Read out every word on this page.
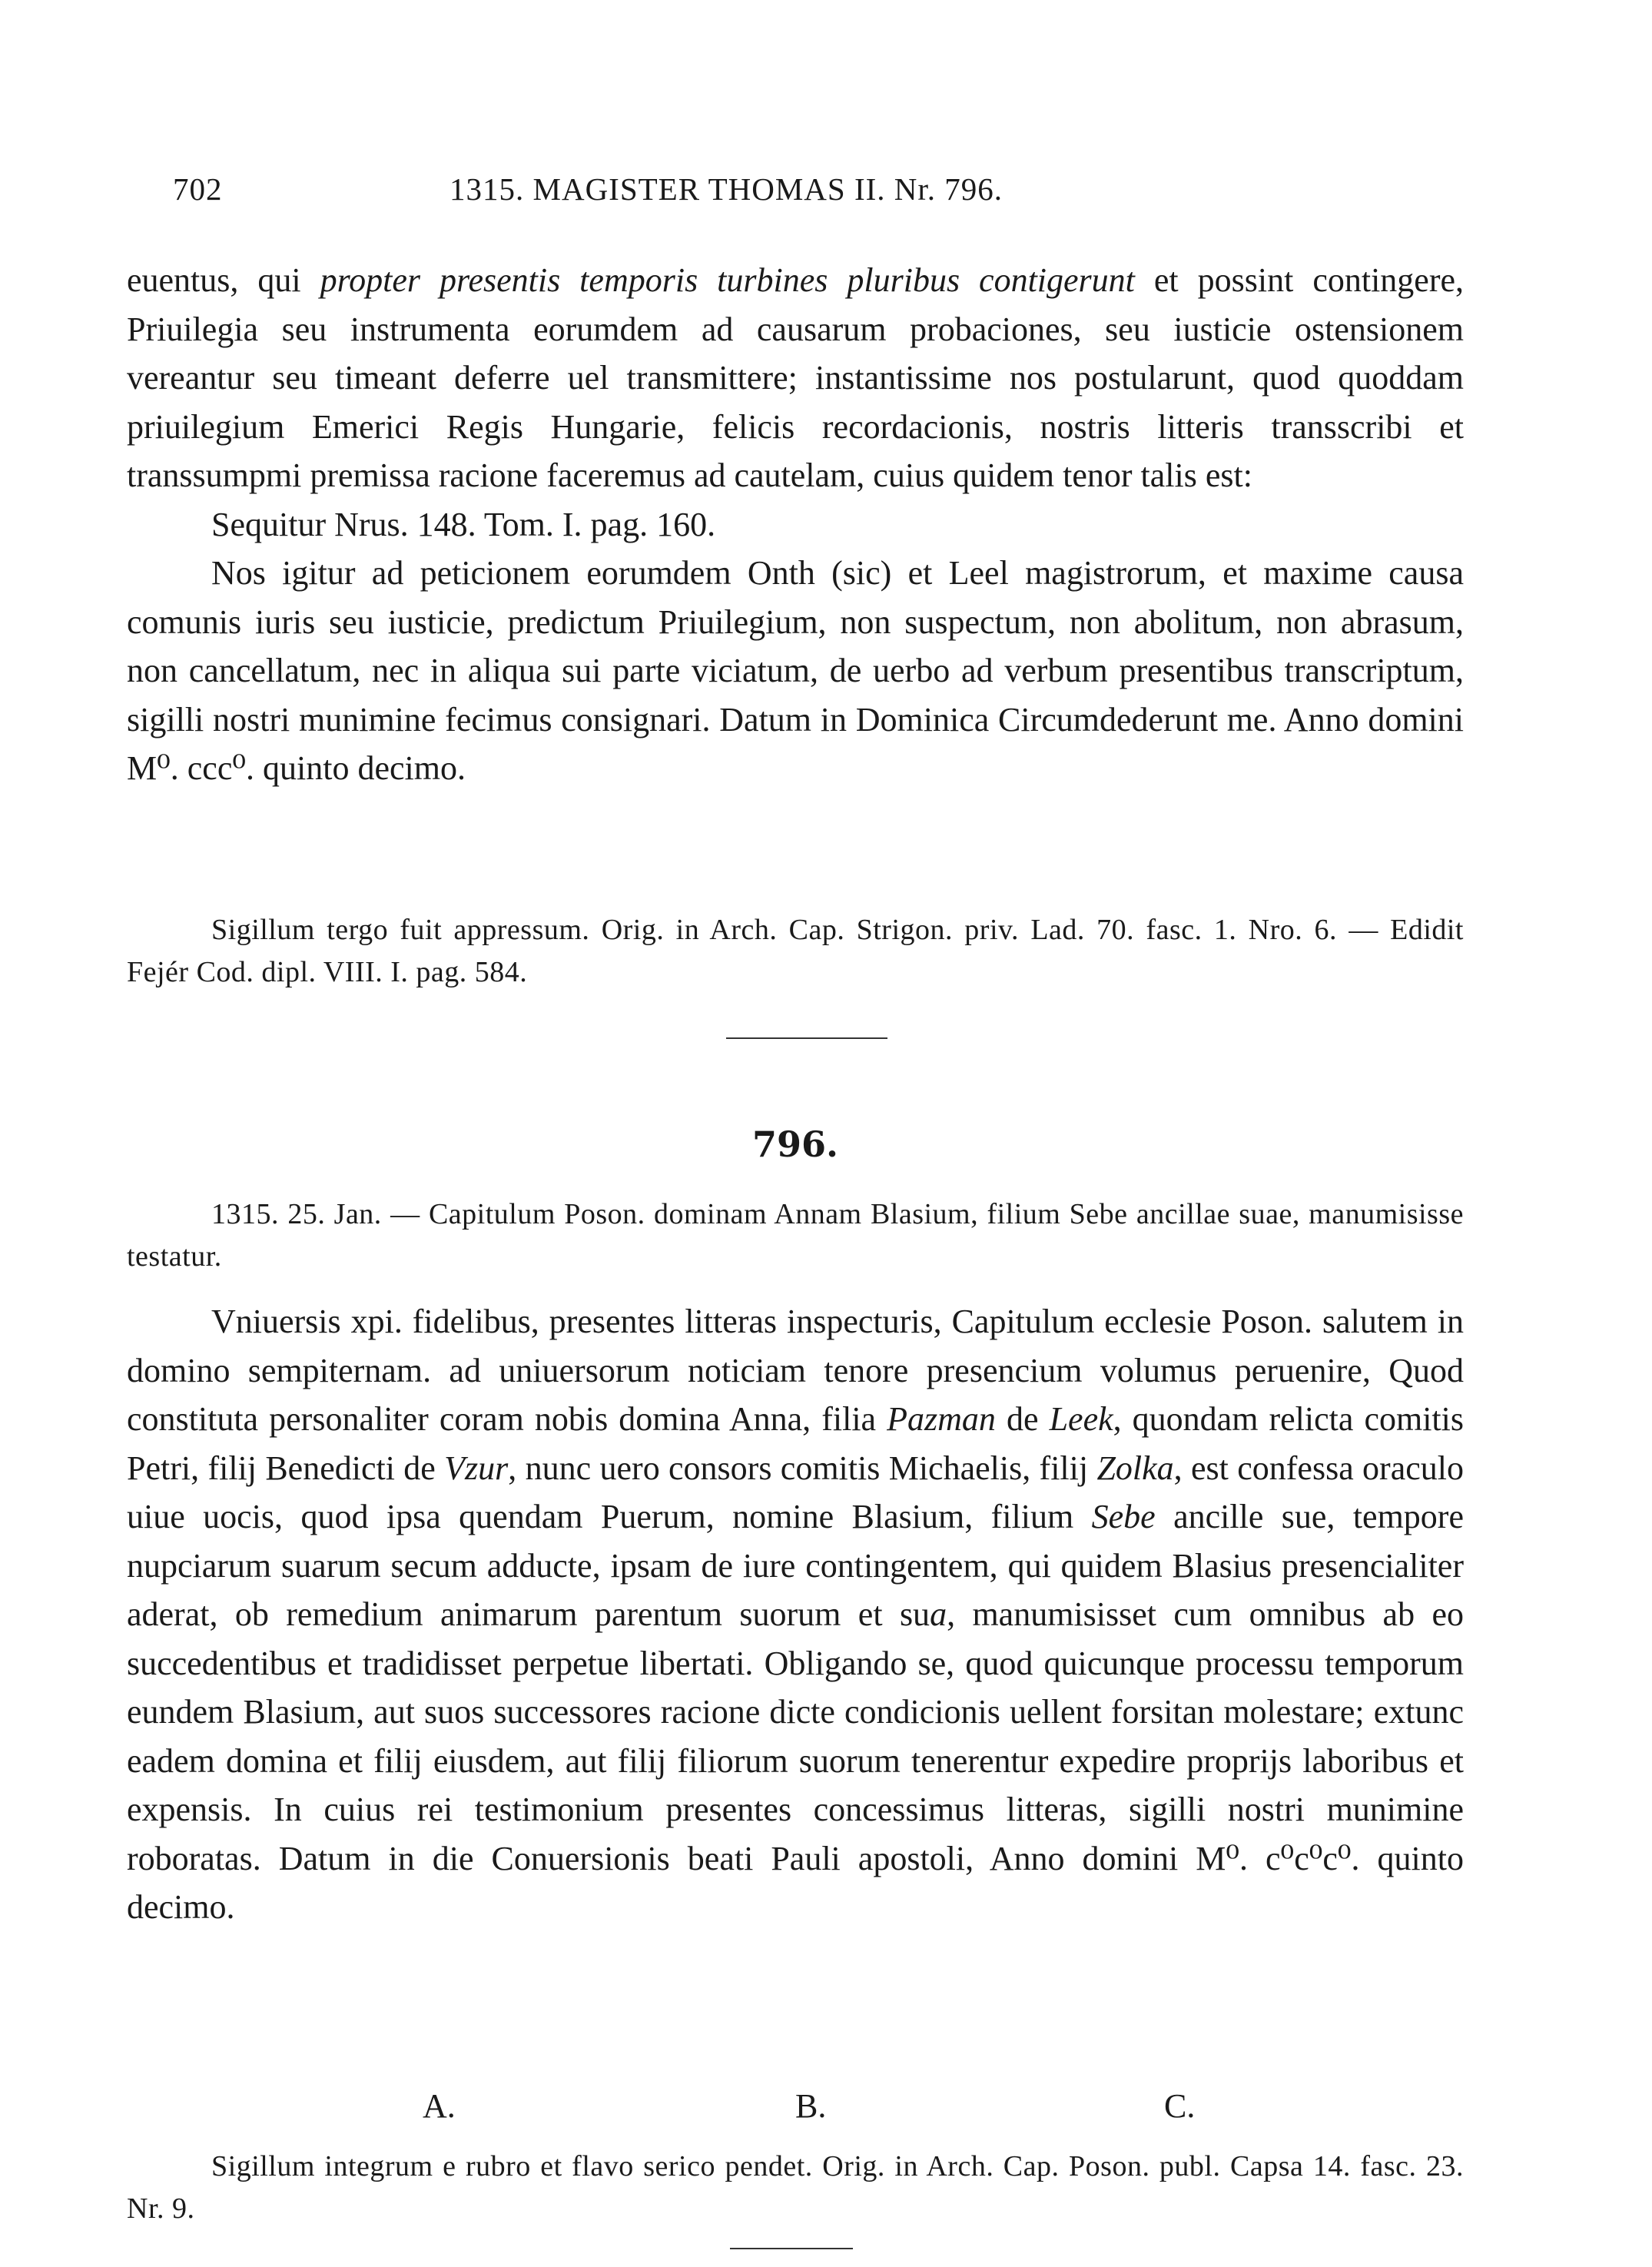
702	1315. MAGISTER THOMAS II. Nr. 796.

euentus, qui propter presentis temporis turbines pluribus contigerunt et possint contingere, Priuilegia seu instrumenta eorumdem ad causarum probaciones, seu iusticie ostensionem vereantur seu timeant deferre uel transmittere; instantissime nos postularunt, quod quoddam priuilegium Emerici Regis Hungarie, felicis recordacionis, nostris litteris transscribi et transsumpmi premissa racione faceremus ad cautelam, cuius quidem tenor talis est:

Sequitur Nrus. 148. Tom. I. pag. 160.

Nos igitur ad peticionem eorumdem Onth (sic) et Leel magistrorum, et maxime causa comunis iuris seu iusticie, predictum Priuilegium, non suspectum, non abolitum, non abrasum, non cancellatum, nec in aliqua sui parte viciatum, de uerbo ad verbum presentibus transcriptum, sigilli nostri munimine fecimus consignari. Datum in Dominica Circumdederunt me. Anno domini M⁰. ccc⁰. quinto decimo.

Sigillum tergo fuit appressum. Orig. in Arch. Cap. Strigon. priv. Lad. 70. fasc. 1. Nro. 6. — Edidit Fejér Cod. dipl. VIII. I. pag. 584.

796.

1315. 25. Jan. — Capitulum Poson. dominam Annam Blasium, filium Sebe ancillae suae, manumisisse testatur.

Vniuersis xpi. fidelibus, presentes litteras inspecturis, Capitulum ecclesie Poson. salutem in domino sempiternam. ad uniuersorum noticiam tenore presencium volumus peruenire, Quod constituta personaliter coram nobis domina Anna, filia Pazman de Leek, quondam relicta comitis Petri, filij Benedicti de Vzur, nunc uero consors comitis Michaelis, filij Zolka, est confessa oraculo uiue uocis, quod ipsa quendam Puerum, nomine Blasium, filium Sebe ancille sue, tempore nupciarum suarum secum adducte, ipsam de iure contingentem, qui quidem Blasius presencialiter aderat, ob remedium animarum parentum suorum et sua, manumisisset cum omnibus ab eo succedentibus et tradidisset perpetue libertati. Obligando se, quod quicunque processu temporum eundem Blasium, aut suos successores racione dicte condicionis uellent forsitan molestare; extunc eadem domina et filij eiusdem, aut filij filiorum suorum tenerentur expedire proprijs laboribus et expensis. In cuius rei testimonium presentes concessimus litteras, sigilli nostri munimine roboratas. Datum in die Conuersionis beati Pauli apostoli, Anno domini M⁰. c⁰c⁰c⁰. quinto decimo.

A.	B.	C.

Sigillum integrum e rubro et flavo serico pendet. Orig. in Arch. Cap. Poson. publ. Capsa 14. fasc. 23. Nr. 9.
